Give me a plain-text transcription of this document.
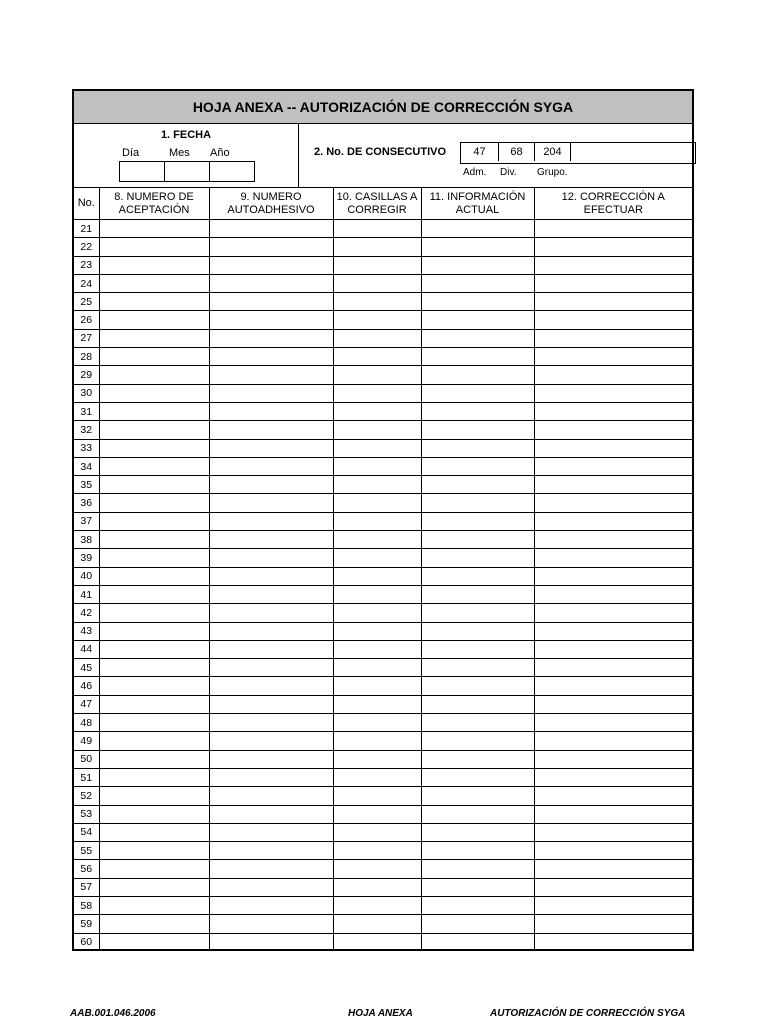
HOJA ANEXA -- AUTORIZACIÓN DE CORRECCIÓN SYGA
1. FECHA
Día	Mes Año	2. No. DE CONSECUTIVO	47	68	204
Adm. Div. Grupo.
No.	8. NUMERO DE ACEPTACIÓN	9. NUMERO AUTOADHESIVO	10. CASILLAS A CORREGIR	11. INFORMACIÓN ACTUAL	12. CORRECCIÓN A EFECTUAR
21					
22					
23					
24					
25					
26					
27					
28					
29					
30					
31					
32					
33					
34					
35					
36					
37					
38					
39					
40					
41					
42					
43					
44					
45					
46					
47					
48					
49					
50					
51					
52					
53					
54					
55					
56					
57					
58					
59					
60					
AAB.001.046.2006	HOJA ANEXA	AUTORIZACIÓN DE CORRECCIÓN SYGA
